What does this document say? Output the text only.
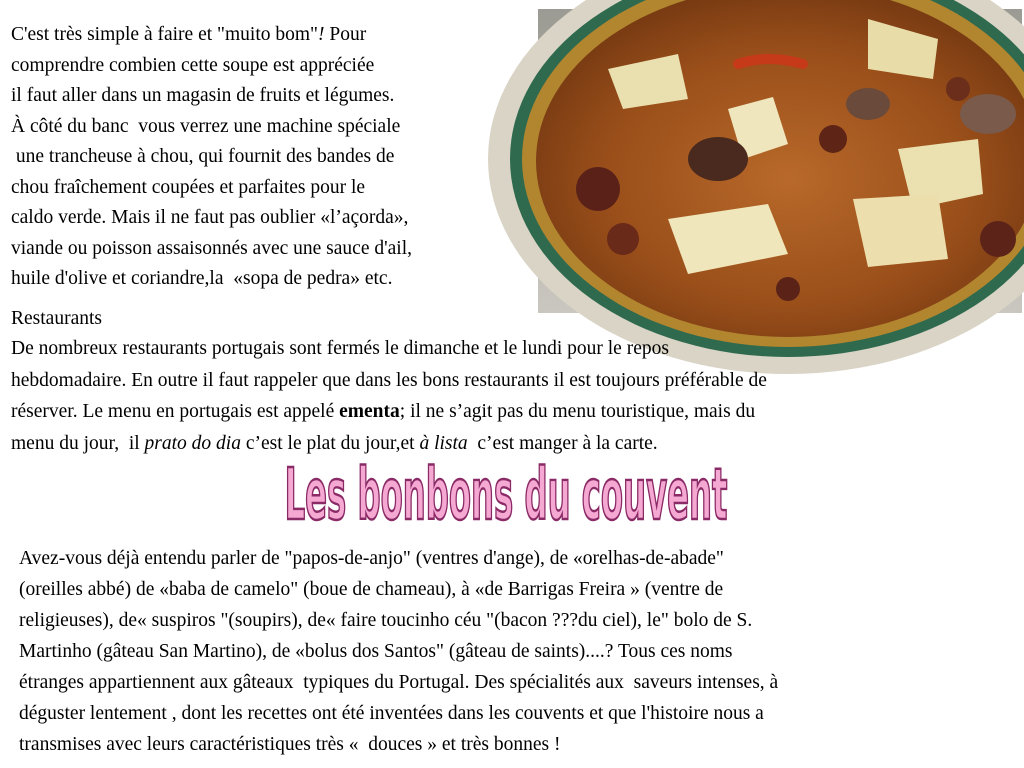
C'est très simple à faire et "muito bom"! Pour
comprendre combien cette soupe est appréciée
il faut aller dans un magasin de fruits et légumes.
À côté du banc  vous verrez une machine spéciale
une trancheuse à chou, qui fournit des bandes de
chou fraîchement coupées et parfaites pour le
caldo verde. Mais il ne faut pas oublier «l’açorda»,
viande ou poisson assaisonnés avec une sauce d'ail,
huile d'olive et coriandre,la  «sopa de pedra» etc.
Restaurants
De nombreux restaurants portugais sont fermés le dimanche et le lundi pour le repos
hebdomadaire. En outre il faut rappeler que dans les bons restaurants il est toujours préférable de
réserver. Le menu en portugais est appelé ementa; il ne s’agit pas du menu touristique, mais du
menu du jour,  il prato do dia c’est le plat du jour,et à lista  c’est manger à la carte.
Les bonbons du couvent
Avez-vous déjà entendu parler de "papos-de-anjo" (ventres d'ange), de «orelhas-de-abade"
(oreilles abbé) de «baba de camelo" (boue de chameau), à «de Barrigas Freira » (ventre de
religieuses), de« suspiros "(soupirs), de« faire toucinho céu "(bacon ???du ciel), le" bolo de S.
Martinho (gâteau San Martino), de «bolus dos Santos" (gâteau de saints)....? Tous ces noms
étranges appartiennent aux gâteaux  typiques du Portugal. Des spécialités aux  saveurs intenses, à
déguster lentement , dont les recettes ont été inventées dans les couvents et que l'histoire nous a
transmises avec leurs caractéristiques très «  douces » et très bonnes !
